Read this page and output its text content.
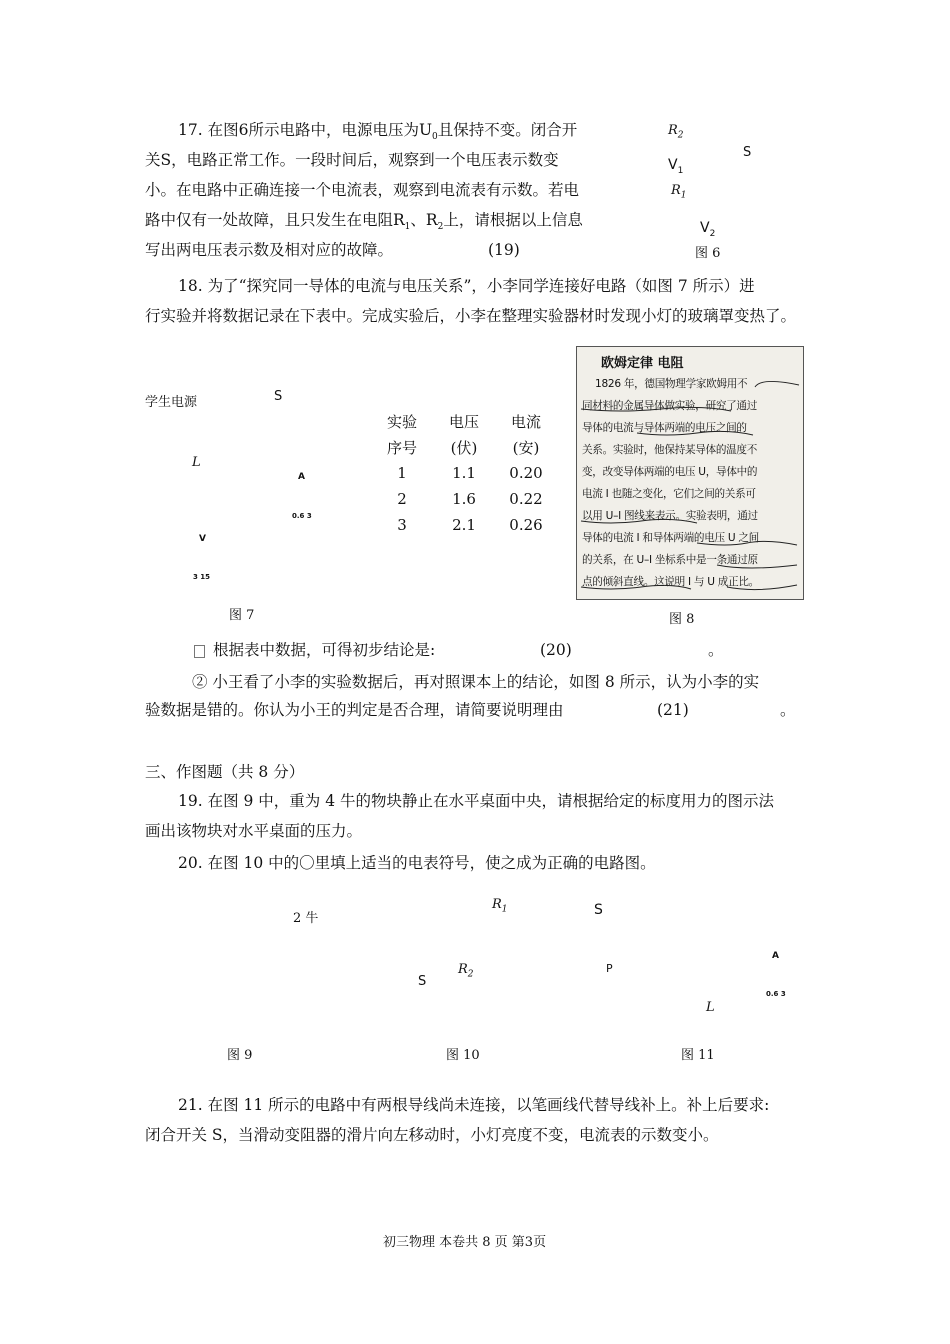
17. 在图6所示电路中，电源电压为$U_0$且保持不变。闭合开
关S，电路正常工作。一段时间后，观察到一个电压表示数变
小。在电路中正确连接一个电流表，观察到电流表有示数。若电
路中仅有一处故障，且只发生在电阻$R_1$、$R_2$上，请根据以上信息
写出两电压表示数及相对应的故障。	(19)
$R_2$
S
$V_1$
$R_1$
$V_2$
图 6
18. 为了“探究同一导体的电流与电压关系”，小李同学连接好电路（如图 7 所示）进
行实验并将数据记录在下表中。完成实验后，小李在整理实验器材时发现小灯的玻璃罩变热了。
学生电源	S
L
A
0.6 3
V
3 15
图 7
实验	电压	电流
序号	(伏)	(安)
1	1.1	0.20
2	1.6	0.22
3	2.1	0.26
欧姆定律 电阻
1826 年，德国物理学家欧姆用不
同材料的金属导体做实验，研究了通过
导体的电流与导体两端的电压之间的
关系。实验时，他保持某导体的温度不
变，改变导体两端的电压 U，导体中的
电流 I 也随之变化，它们之间的关系可
以用 U–I 图线来表示。实验表明，通过
导体的电流 I 和导体两端的电压 U 之间
的关系，在 U–I 坐标系中是一条通过原
点的倾斜直线。这说明 I 与 U 成正比。
图 8
根据表中数据，可得初步结论是:	(20)	。
② 小王看了小李的实验数据后，再对照课本上的结论，如图 8 所示，认为小李的实
验数据是错的。你认为小王的判定是否合理，请简要说明理由	(21)	。
三、作图题（共 8 分）
19. 在图 9 中，重为 4 牛的物块静止在水平桌面中央，请根据给定的标度用力的图示法
画出该物块对水平桌面的压力。
20. 在图 10 中的〇里填上适当的电表符号，使之成为正确的电路图。
2 牛
图 9
$R_1$
$R_2$
S
图 10
S
P
A
0.6 3
L
图 11
21. 在图 11 所示的电路中有两根导线尚未连接，以笔画线代替导线补上。补上后要求:
闭合开关 S，当滑动变阻器的滑片向左移动时，小灯亮度不变，电流表的示数变小。
初三物理 本卷共 8 页 第3页
